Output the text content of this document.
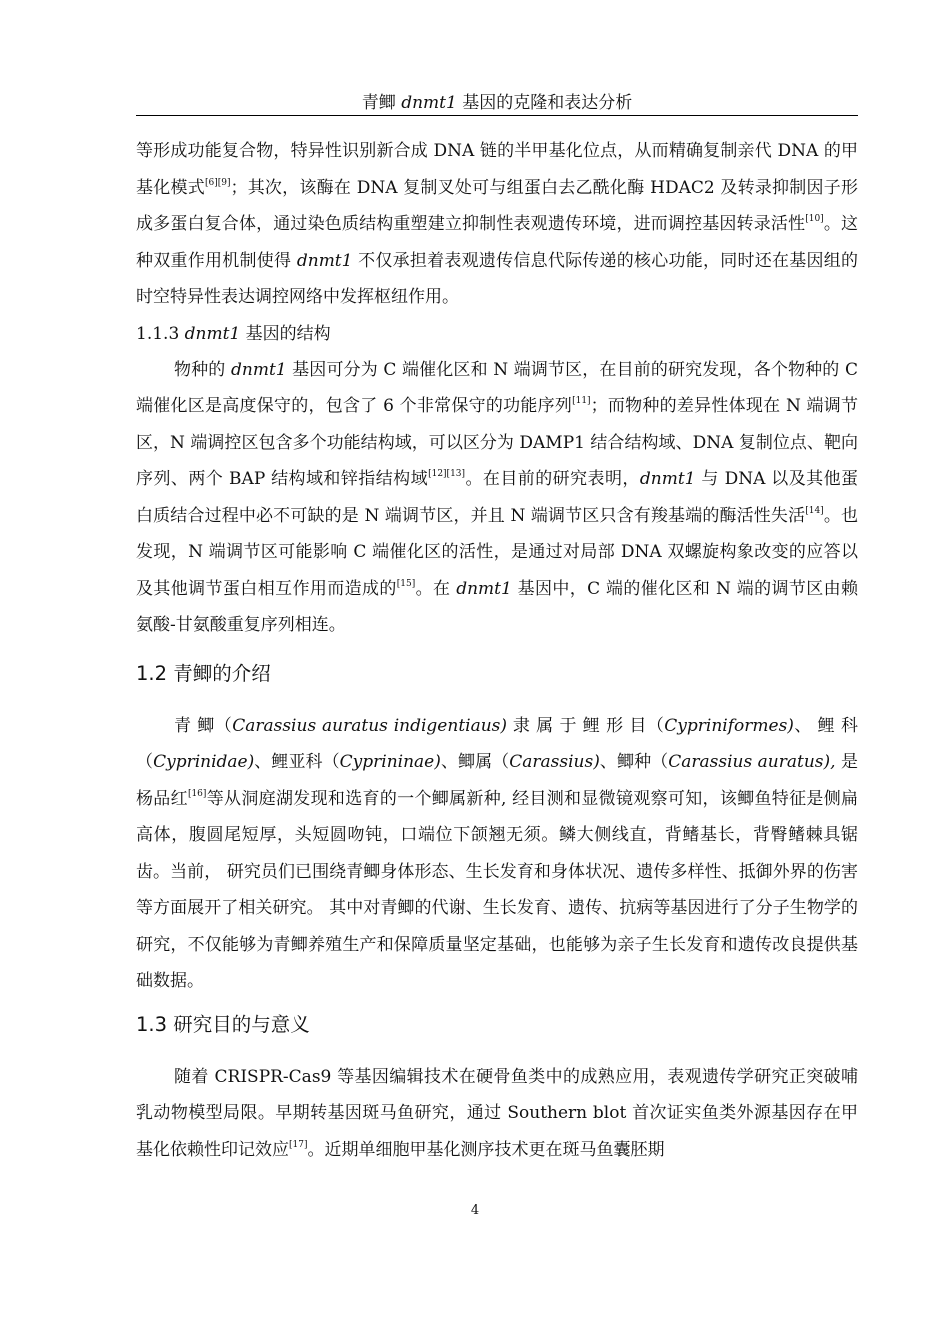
青鲫 dnmt1 基因的克隆和表达分析

等形成功能复合物，特异性识别新合成 DNA 链的半甲基化位点，从而精确复制亲代 DNA 的甲基化模式[6][9]；其次，该酶在 DNA 复制叉处可与组蛋白去乙酰化酶 HDAC2 及转录抑制因子形成多蛋白复合体，通过染色质结构重塑建立抑制性表观遗传环境，进而调控基因转录活性[10]。这种双重作用机制使得 dnmt1 不仅承担着表观遗传信息代际传递的核心功能，同时还在基因组的时空特异性表达调控网络中发挥枢纽作用。

1.1.3 dnmt1 基因的结构

物种的 dnmt1 基因可分为 C 端催化区和 N 端调节区，在目前的研究发现，各个物种的 C 端催化区是高度保守的，包含了 6 个非常保守的功能序列[11]；而物种的差异性体现在 N 端调节区，N 端调控区包含多个功能结构域，可以区分为 DAMP1 结合结构域、DNA 复制位点、靶向序列、两个 BAP 结构域和锌指结构域[12][13]。在目前的研究表明，dnmt1 与 DNA 以及其他蛋白质结合过程中必不可缺的是 N 端调节区，并且 N 端调节区只含有羧基端的酶活性失活[14]。也发现，N 端调节区可能影响 C 端催化区的活性，是通过对局部 DNA 双螺旋构象改变的应答以及其他调节蛋白相互作用而造成的[15]。在 dnmt1 基因中，C 端的催化区和 N 端的调节区由赖氨酸-甘氨酸重复序列相连。

1.2 青鲫的介绍

青 鲫（Carassius auratus indigentiaus) 隶 属 于 鲤 形 目（Cypriniformes)、 鲤 科（Cyprinidae)、鲤亚科（Cyprininae)、鲫属（Carassius)、鲫种（Carassius auratus), 是杨品红[16]等从洞庭湖发现和选育的一个鲫属新种, 经目测和显微镜观察可知，该鲫鱼特征是侧扁高体，腹圆尾短厚，头短圆吻钝，口端位下颌翘无须。鳞大侧线直，背鳍基长，背臀鳍棘具锯齿。当前， 研究员们已围绕青鲫身体形态、生长发育和身体状况、遗传多样性、抵御外界的伤害等方面展开了相关研究。 其中对青鲫的代谢、生长发育、遗传、抗病等基因进行了分子生物学的研究，不仅能够为青鲫养殖生产和保障质量坚定基础，也能够为亲子生长发育和遗传改良提供基础数据。

1.3 研究目的与意义

随着 CRISPR-Cas9 等基因编辑技术在硬骨鱼类中的成熟应用，表观遗传学研究正突破哺乳动物模型局限。早期转基因斑马鱼研究，通过 Southern blot 首次证实鱼类外源基因存在甲基化依赖性印记效应[17]。近期单细胞甲基化测序技术更在斑马鱼囊胚期

4
